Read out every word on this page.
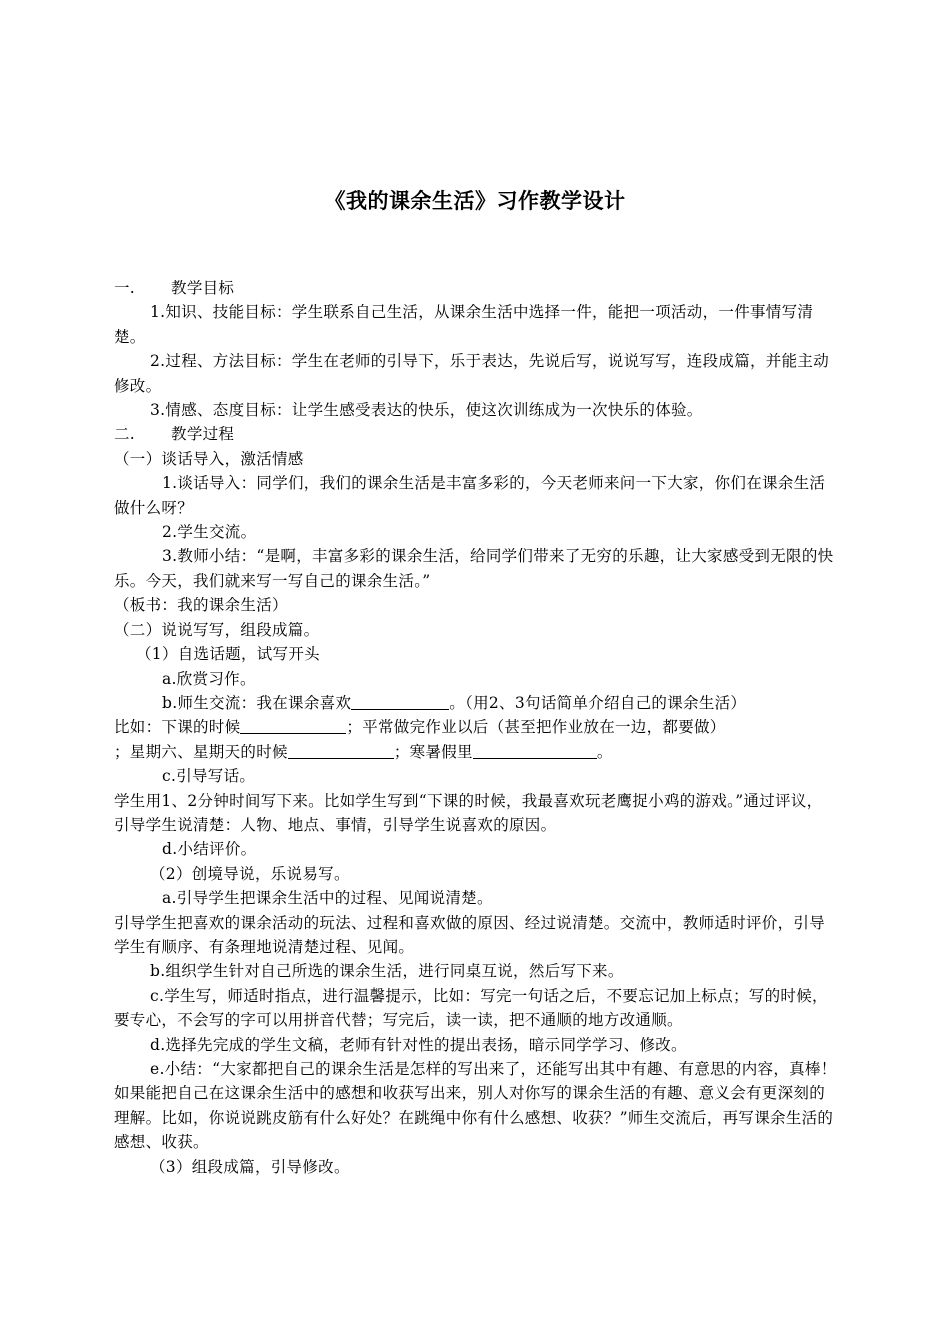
《我的课余生活》习作教学设计

一. 教学目标

1.知识、技能目标：学生联系自己生活，从课余生活中选择一件，能把一项活动，一件事情写清楚。

2.过程、方法目标：学生在老师的引导下，乐于表达，先说后写，说说写写，连段成篇，并能主动修改。

3.情感、态度目标：让学生感受表达的快乐，使这次训练成为一次快乐的体验。

二. 教学过程

（一）谈话导入，激活情感

1.谈话导入：同学们，我们的课余生活是丰富多彩的，今天老师来问一下大家，你们在课余生活做什么呀？

2.学生交流。

3.教师小结：“是啊，丰富多彩的课余生活，给同学们带来了无穷的乐趣，让大家感受到无限的快乐。今天，我们就来写一写自己的课余生活。”

（板书：我的课余生活）

（二）说说写写，组段成篇。

（1）自选话题，试写开头

a.欣赏习作。

b.师生交流：我在课余喜欢	。（用2、3句话简单介绍自己的课余生活）

比如：下课的时候	；平常做完作业以后（甚至把作业放在一边，都要做）

；星期六、星期天的时候	；寒暑假里	。

c.引导写话。

学生用1、2分钟时间写下来。比如学生写到“下课的时候，我最喜欢玩老鹰捉小鸡的游戏。”通过评议，引导学生说清楚：人物、地点、事情，引导学生说喜欢的原因。

d.小结评价。

（2）创境导说，乐说易写。

a.引导学生把课余生活中的过程、见闻说清楚。

引导学生把喜欢的课余活动的玩法、过程和喜欢做的原因、经过说清楚。交流中，教师适时评价，引导学生有顺序、有条理地说清楚过程、见闻。

b.组织学生针对自己所选的课余生活，进行同桌互说，然后写下来。

c.学生写，师适时指点，进行温馨提示，比如：写完一句话之后，不要忘记加上标点；写的时候，要专心，不会写的字可以用拼音代替；写完后，读一读，把不通顺的地方改通顺。

d.选择先完成的学生文稿，老师有针对性的提出表扬，暗示同学学习、修改。

e.小结：“大家都把自己的课余生活是怎样的写出来了，还能写出其中有趣、有意思的内容，真棒！如果能把自己在这课余生活中的感想和收获写出来，别人对你写的课余生活的有趣、意义会有更深刻的理解。比如，你说说跳皮筋有什么好处？在跳绳中你有什么感想、收获？”师生交流后，再写课余生活的感想、收获。

（3）组段成篇，引导修改。
